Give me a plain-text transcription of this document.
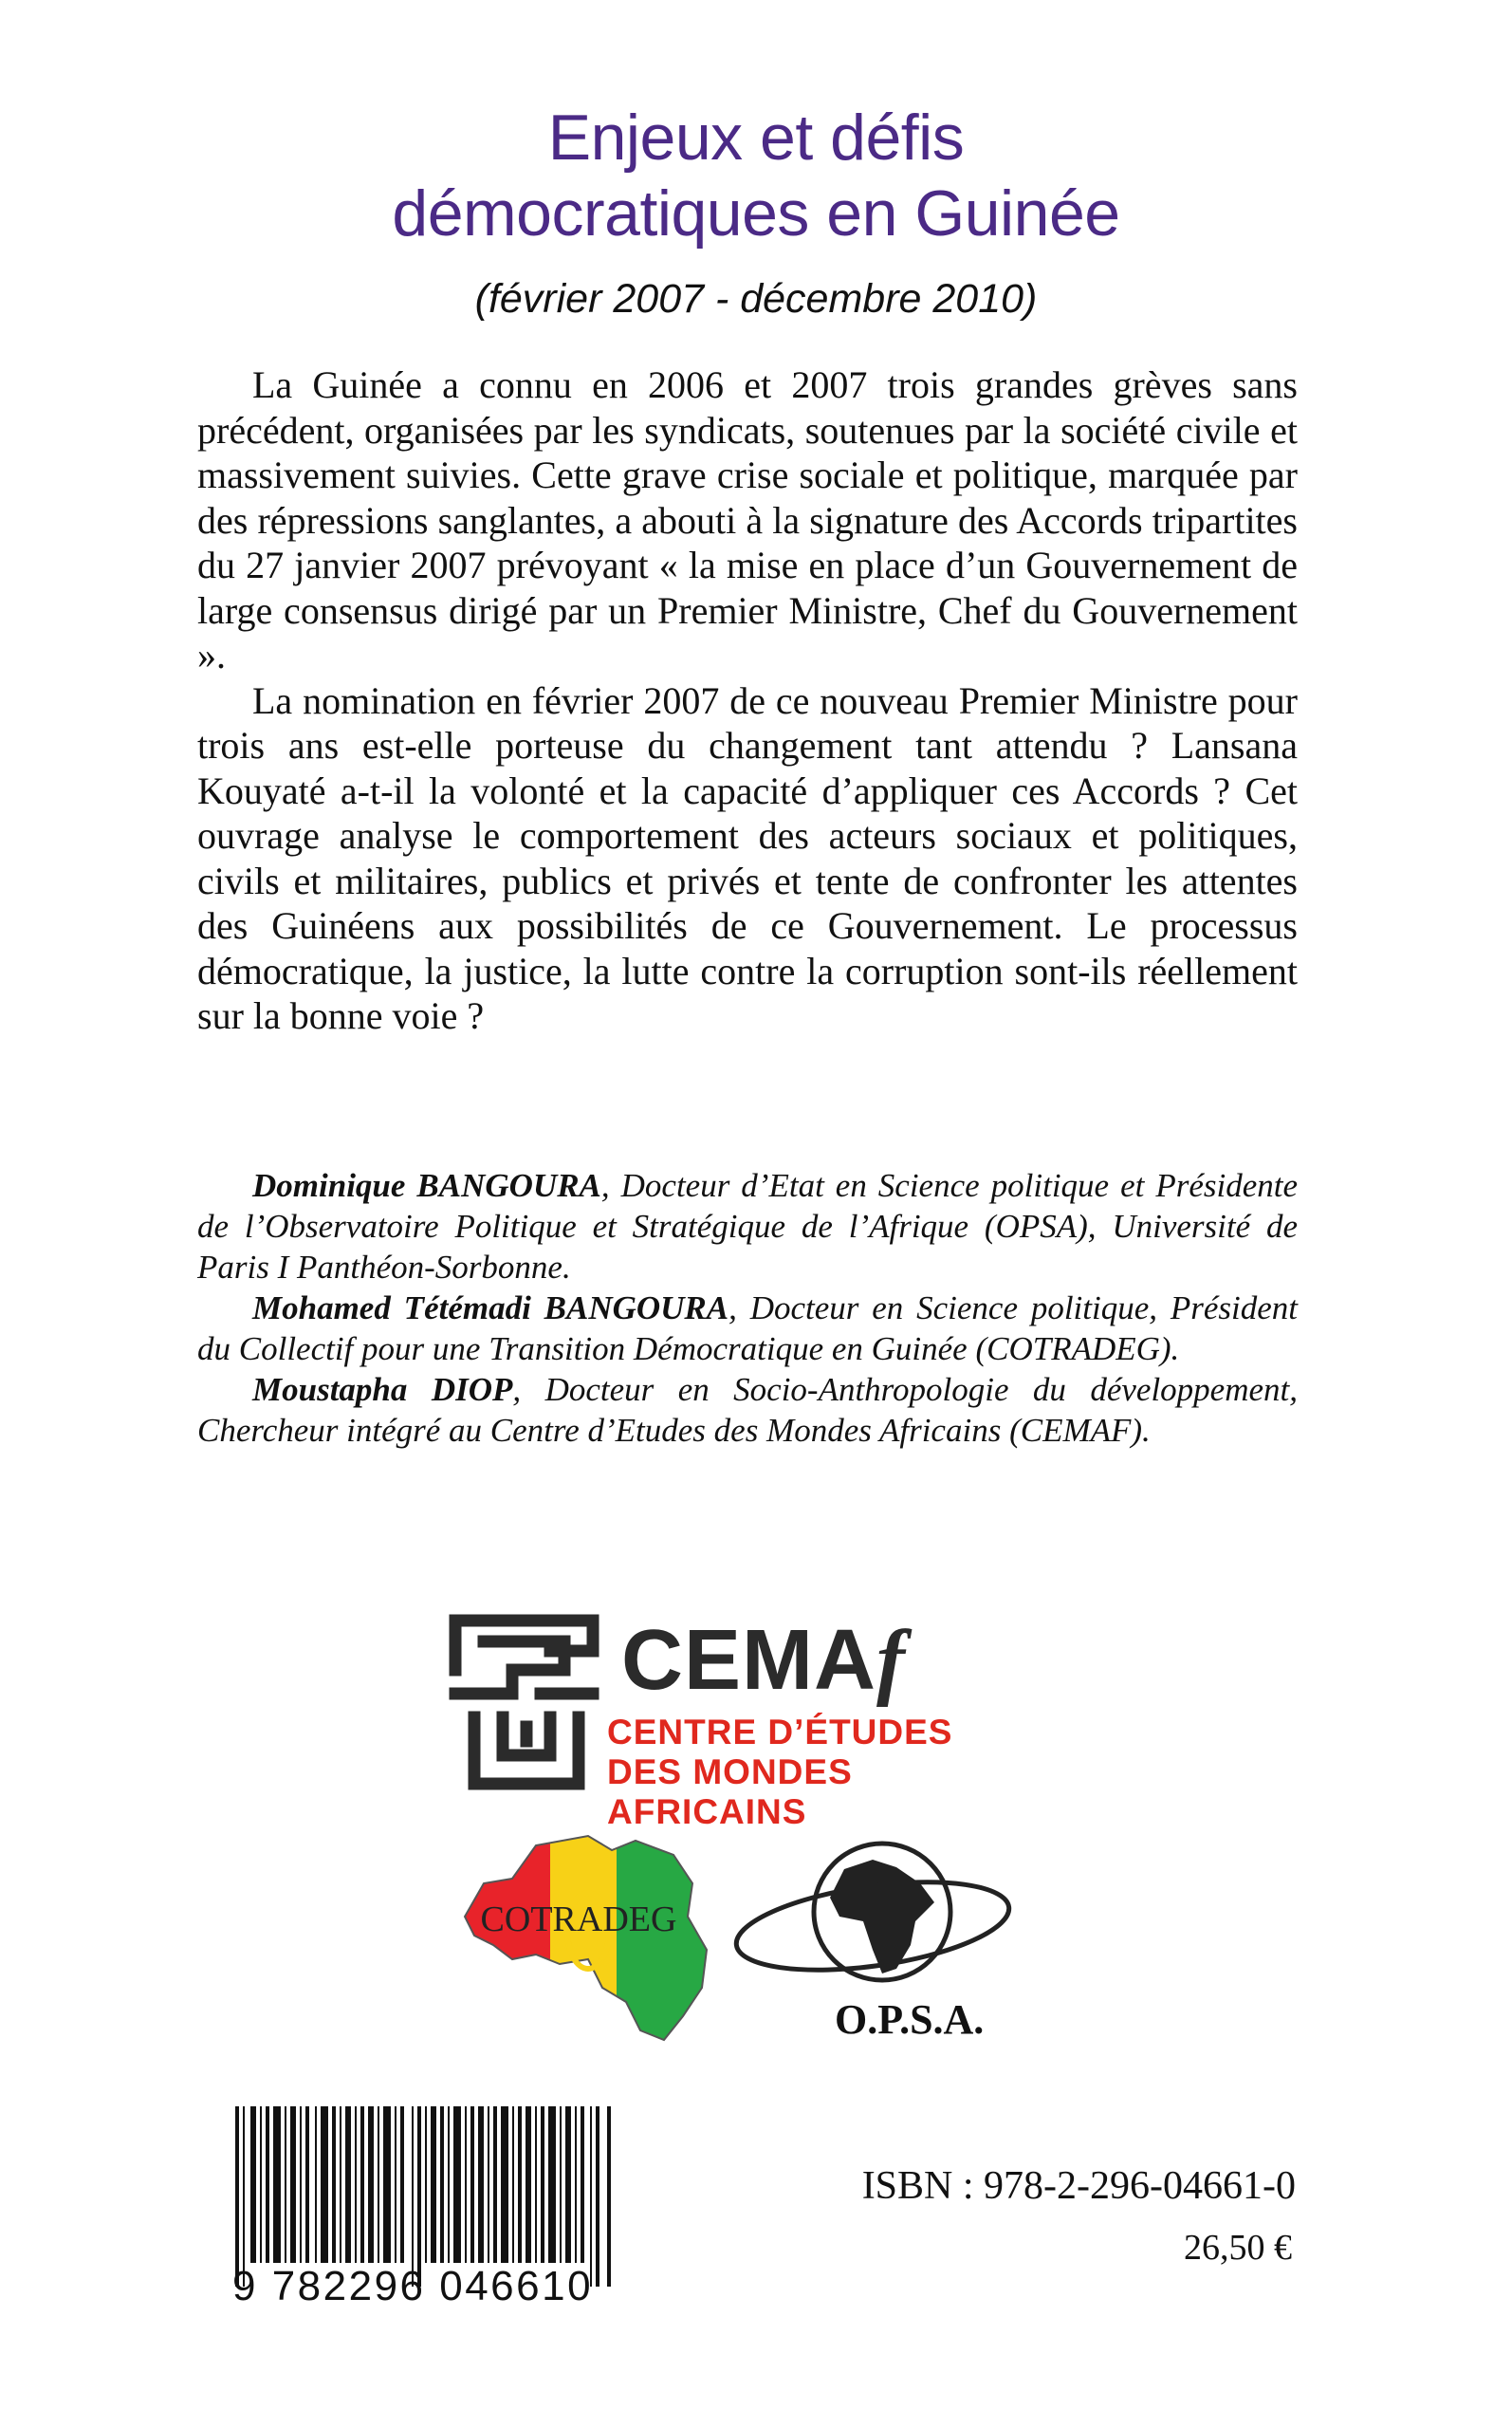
Enjeux et défis
démocratiques en Guinée
(février 2007 - décembre 2010)

La Guinée a connu en 2006 et 2007 trois grandes grèves sans précédent, organisées par les syndicats, soutenues par la société civile et massivement suivies. Cette grave crise sociale et politique, marquée par des répressions sanglantes, a abouti à la signature des Accords tripartites du 27 janvier 2007 prévoyant « la mise en place d’un Gouvernement de large consensus dirigé par un Premier Ministre, Chef du Gouvernement ».

La nomination en février 2007 de ce nouveau Premier Ministre pour trois ans est-elle porteuse du changement tant attendu ? Lansana Kouyaté a-t-il la volonté et la capacité d’appliquer ces Accords ? Cet ouvrage analyse le comportement des acteurs sociaux et politiques, civils et militaires, publics et privés et tente de confronter les attentes des Guinéens aux possibilités de ce Gouvernement. Le processus démocratique, la justice, la lutte contre la corruption sont-ils réellement sur la bonne voie ?

Dominique BANGOURA, Docteur d’Etat en Science politique et Présidente de l’Observatoire Politique et Stratégique de l’Afrique (OPSA), Université de Paris I Panthéon-Sorbonne.

Mohamed Tétémadi BANGOURA, Docteur en Science politique, Président du Collectif pour une Transition Démocratique en Guinée (COTRADEG).

Moustapha DIOP, Docteur en Socio-Anthropologie du développement, Chercheur intégré au Centre d’Etudes des Mondes Africains (CEMAF).

CEMAf
CENTRE D’ÉTUDES
DES MONDES AFRICAINS
COTRADEG
O.P.S.A.
9 782296 046610
ISBN : 978-2-296-04661-0
26,50 €
